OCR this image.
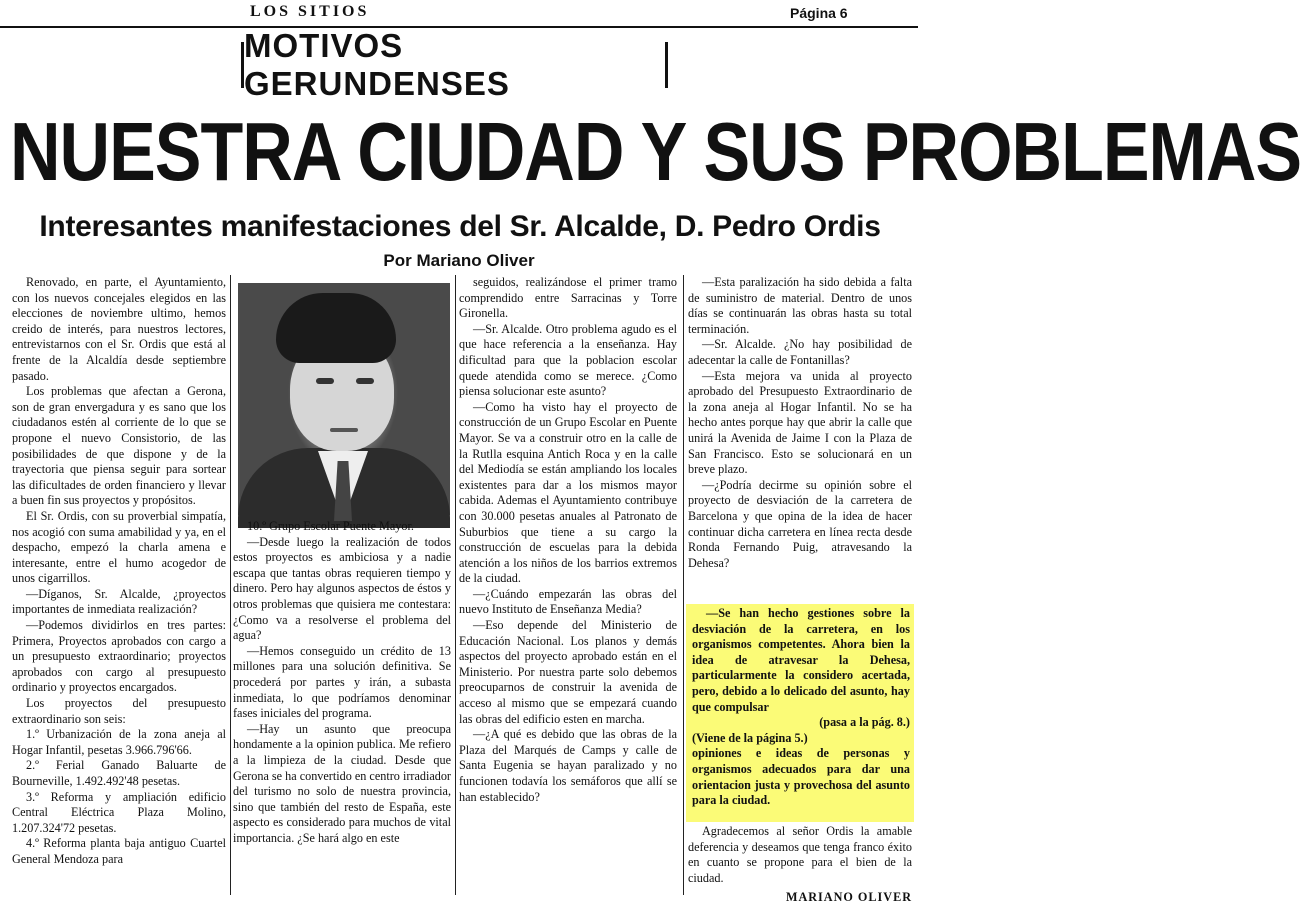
LOS SITIOS	Página 6
MOTIVOS GERUNDENSES
NUESTRA CIUDAD Y SUS PROBLEMAS
Interesantes manifestaciones del Sr. Alcalde, D. Pedro Ordis
Por Mariano Oliver

Renovado, en parte, el Ayuntamiento, con los nuevos concejales elegidos en las elecciones de noviembre ultimo, hemos creido de interés, para nuestros lectores, entrevistarnos con el Sr. Ordis que está al frente de la Alcaldía desde septiembre pasado.

Los problemas que afectan a Gerona, son de gran envergadura y es sano que los ciudadanos estén al corriente de lo que se propone el nuevo Consistorio, de las posibilidades de que dispone y de la trayectoria que piensa seguir para sortear las dificultades de orden financiero y llevar a buen fin sus proyectos y propósitos.

El Sr. Ordis, con su proverbial simpatía, nos acogió con suma amabilidad y ya, en el despacho, empezó la charla amena e interesante, entre el humo acogedor de unos cigarrillos.

—Díganos, Sr. Alcalde, ¿proyectos importantes de inmediata realización?

—Podemos dividirlos en tres partes: Primera, Proyectos aprobados con cargo a un presupuesto extraordinario; proyectos aprobados con cargo al presupuesto ordinario y proyectos encargados.

Los proyectos del presupuesto extraordinario son seis:

1.º Urbanización de la zona aneja al Hogar Infantil, pesetas 3.966.796'66.

2.º Ferial Ganado Baluarte de Bourneville, 1.492.492'48 pesetas.

3.º Reforma y ampliación edificio Central Eléctrica Plaza Molino, 1.207.324'72 pesetas.

4.º Reforma planta baja antiguo Cuartel General Mendoza para

10.º Grupo Escolar Puente Mayor.

—Desde luego la realización de todos estos proyectos es ambiciosa y a nadie escapa que tantas obras requieren tiempo y dinero. Pero hay algunos aspectos de éstos y otros problemas que quisiera me contestara: ¿Como va a resolverse el problema del agua?

—Hemos conseguido un crédito de 13 millones para una solución definitiva. Se procederá por partes y irán, a subasta inmediata, lo que podríamos denominar fases iniciales del programa.

—Hay un asunto que preocupa hondamente a la opinion publica. Me refiero a la limpieza de la ciudad. Desde que Gerona se ha convertido en centro irradiador del turismo no solo de nuestra provincia, sino que también del resto de España, este aspecto es considerado para muchos de vital importancia. ¿Se hará algo en este

seguidos, realizándose el primer tramo comprendido entre Sarracinas y Torre Gironella.

—Sr. Alcalde. Otro problema agudo es el que hace referencia a la enseñanza. Hay dificultad para que la poblacion escolar quede atendida como se merece. ¿Como piensa solucionar este asunto?

—Como ha visto hay el proyecto de construcción de un Grupo Escolar en Puente Mayor. Se va a construir otro en la calle de la Rutlla esquina Antich Roca y en la calle del Mediodía se están ampliando los locales existentes para dar a los mismos mayor cabida. Ademas el Ayuntamiento contribuye con 30.000 pesetas anuales al Patronato de Suburbios que tiene a su cargo la construcción de escuelas para la debida atención a los niños de los barrios extremos de la ciudad.

—¿Cuándo empezarán las obras del nuevo Instituto de Enseñanza Media?

—Eso depende del Ministerio de Educación Nacional. Los planos y demás aspectos del proyecto aprobado están en el Ministerio. Por nuestra parte solo debemos preocuparnos de construir la avenida de acceso al mismo que se empezará cuando las obras del edificio esten en marcha.

—¿A qué es debido que las obras de la Plaza del Marqués de Camps y calle de Santa Eugenia se hayan paralizado y no funcionen todavía los semáforos que allí se han establecido?

—Esta paralización ha sido debida a falta de suministro de material. Dentro de unos días se continuarán las obras hasta su total terminación.

—Sr. Alcalde. ¿No hay posibilidad de adecentar la calle de Fontanillas?

—Esta mejora va unida al proyecto aprobado del Presupuesto Extraordinario de la zona aneja al Hogar Infantil. No se ha hecho antes porque hay que abrir la calle que unirá la Avenida de Jaime I con la Plaza de San Francisco. Esto se solucionará en un breve plazo.

—¿Podría decirme su opinión sobre el proyecto de desviación de la carretera de Barcelona y que opina de la idea de hacer continuar dicha carretera en línea recta desde Ronda Fernando Puig, atravesando la Dehesa?

—Se han hecho gestiones sobre la desviación de la carretera, en los organismos competentes. Ahora bien la idea de atravesar la Dehesa, particularmente la considero acertada, pero, debido a lo delicado del asunto, hay que compulsar

(pasa a la pág. 8.)
(Viene de la página 5.)
opiniones e ideas de personas y organismos adecuados para dar una orientacion justa y provechosa del asunto para la ciudad.

Agradecemos al señor Ordis la amable deferencia y deseamos que tenga franco éxito en cuanto se propone para el bien de la ciudad.

MARIANO OLIVER
